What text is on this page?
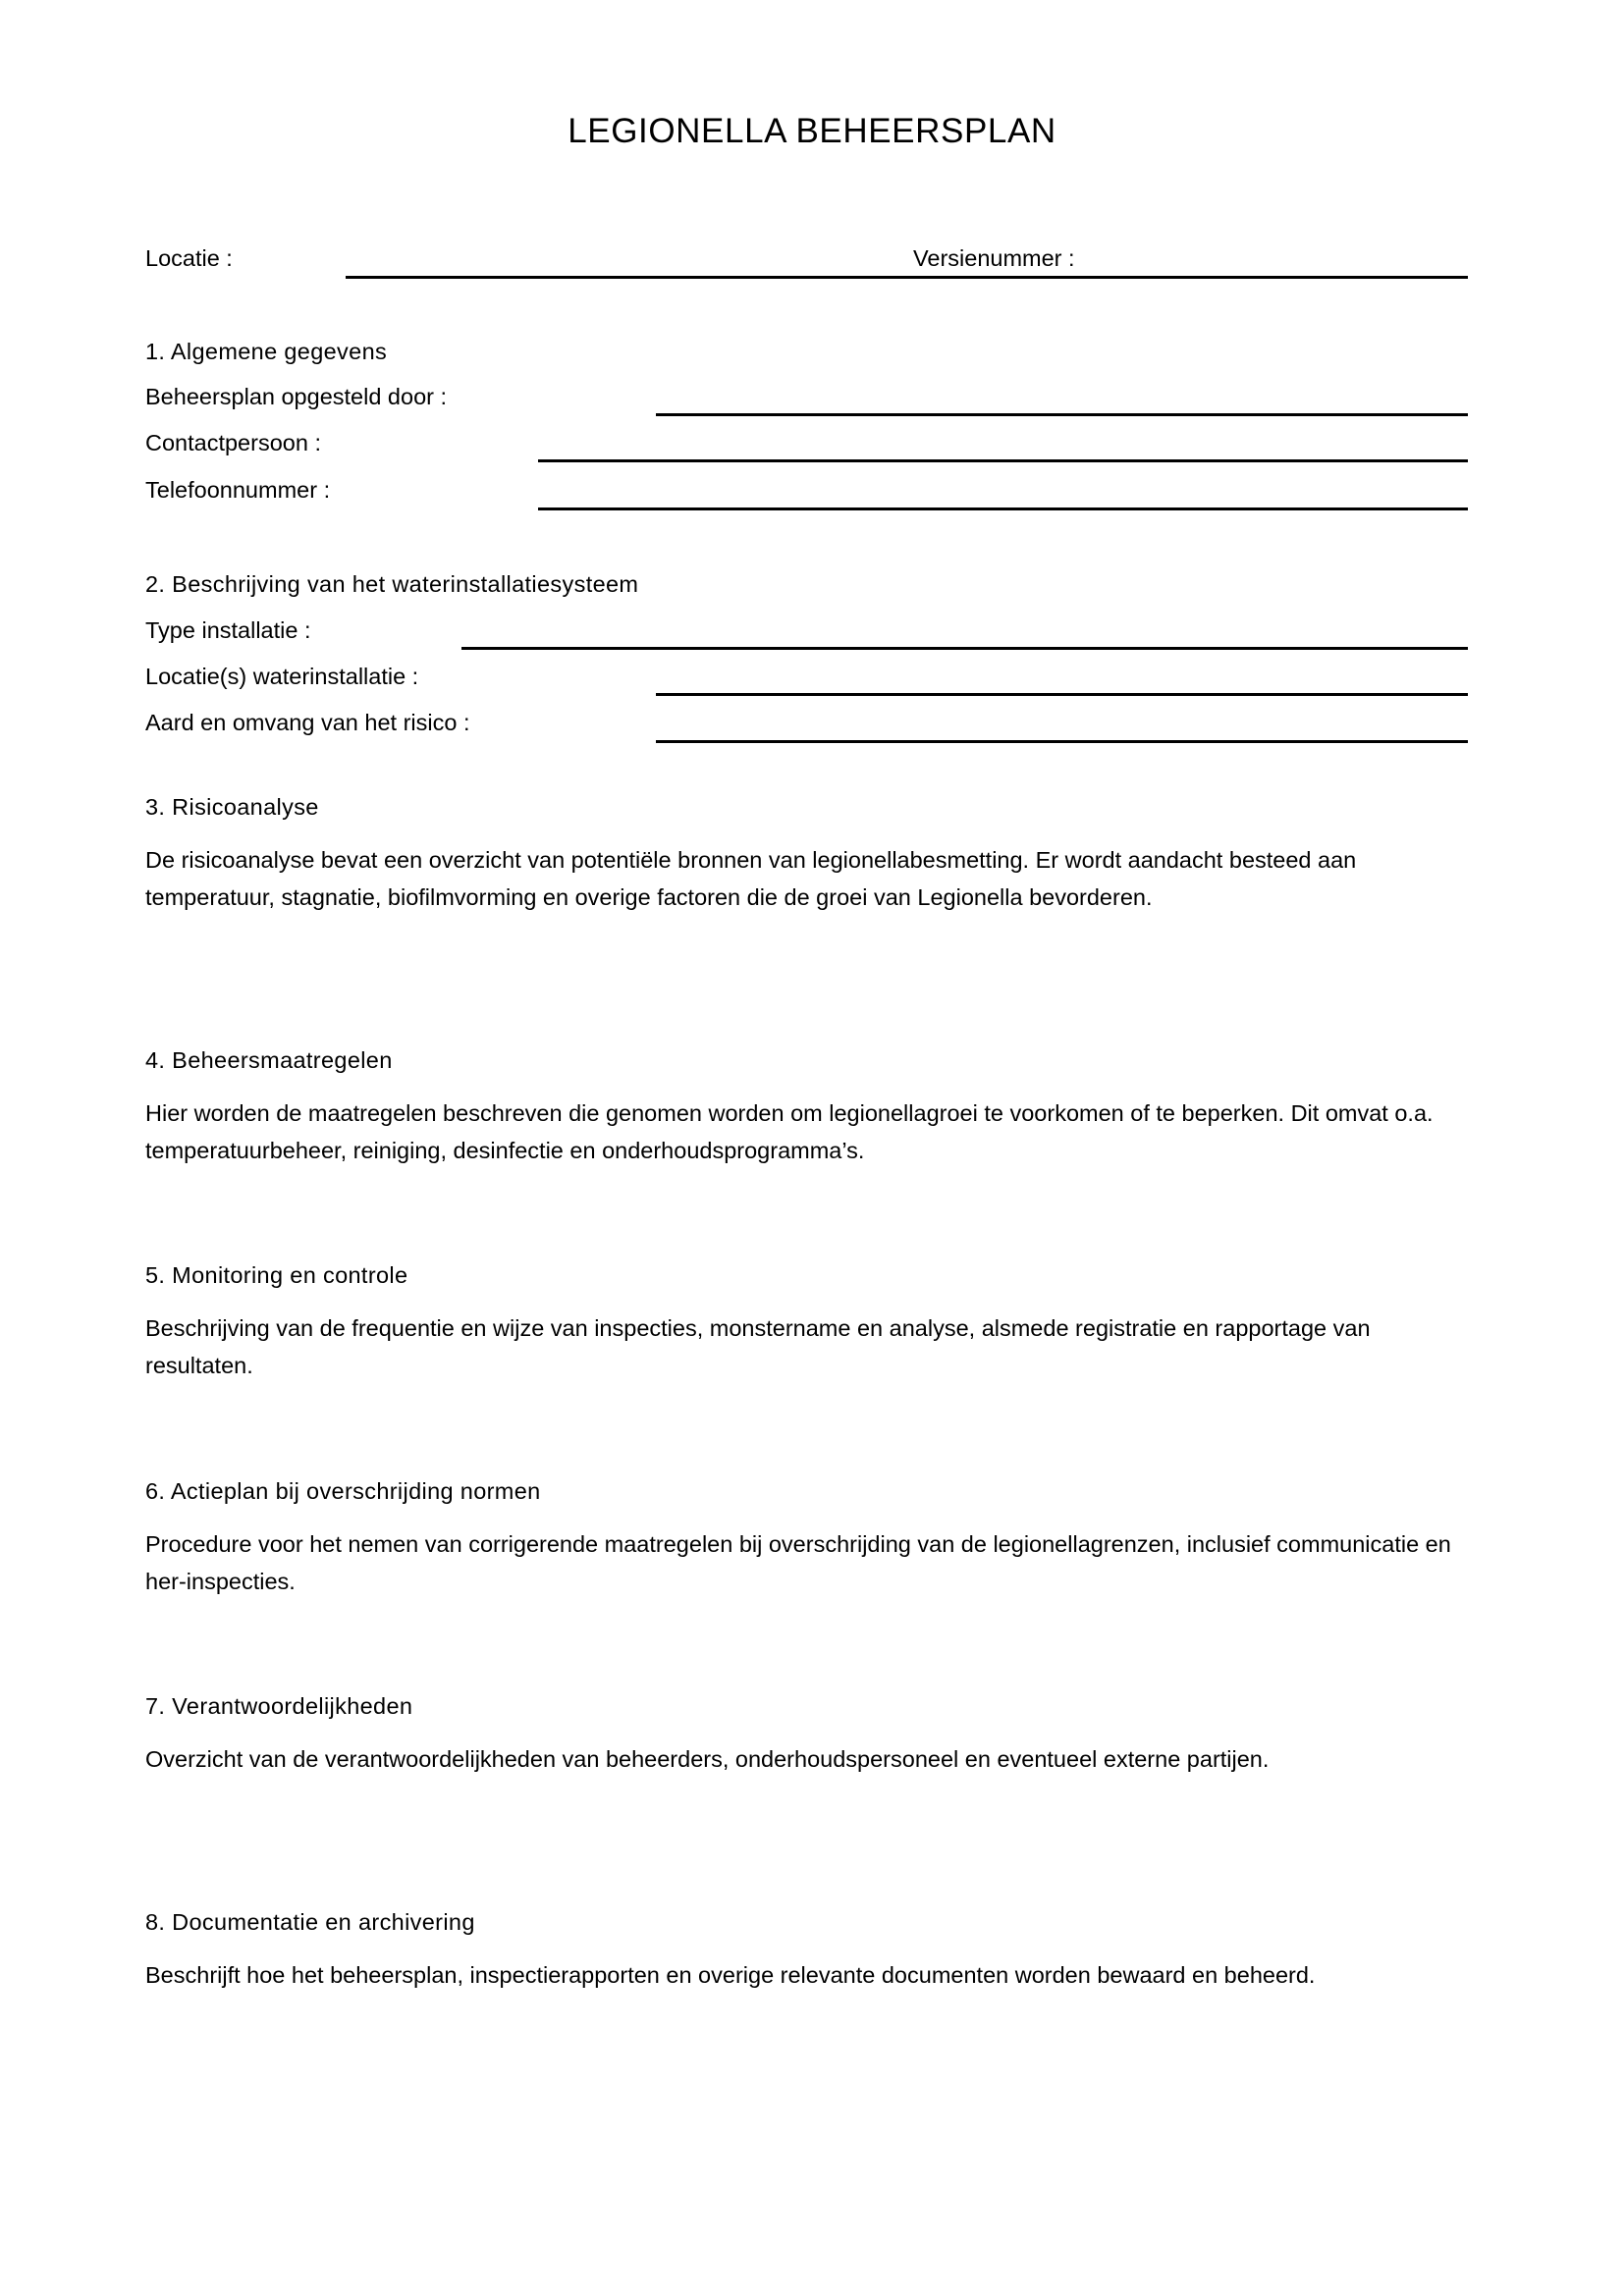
LEGIONELLA BEHEERSPLAN
Locatie :	Versienummer :
1. Algemene gegevens
Beheersplan opgesteld door :
Contactpersoon :
Telefoonnummer :
2. Beschrijving van het waterinstallatiesysteem
Type installatie :
Locatie(s) waterinstallatie :
Aard en omvang van het risico :
3. Risicoanalyse
De risicoanalyse bevat een overzicht van potentiële bronnen van legionellabesmetting. Er wordt aandacht besteed aan temperatuur, stagnatie, biofilmvorming en overige factoren die de groei van Legionella bevorderen.
4. Beheersmaatregelen
Hier worden de maatregelen beschreven die genomen worden om legionellagroei te voorkomen of te beperken. Dit omvat o.a. temperatuurbeheer, reiniging, desinfectie en onderhoudsprogramma’s.
5. Monitoring en controle
Beschrijving van de frequentie en wijze van inspecties, monstername en analyse, alsmede registratie en rapportage van resultaten.
6. Actieplan bij overschrijding normen
Procedure voor het nemen van corrigerende maatregelen bij overschrijding van de legionellagrenzen, inclusief communicatie en her-inspecties.
7. Verantwoordelijkheden
Overzicht van de verantwoordelijkheden van beheerders, onderhoudspersoneel en eventueel externe partijen.
8. Documentatie en archivering
Beschrijft hoe het beheersplan, inspectierapporten en overige relevante documenten worden bewaard en beheerd.
